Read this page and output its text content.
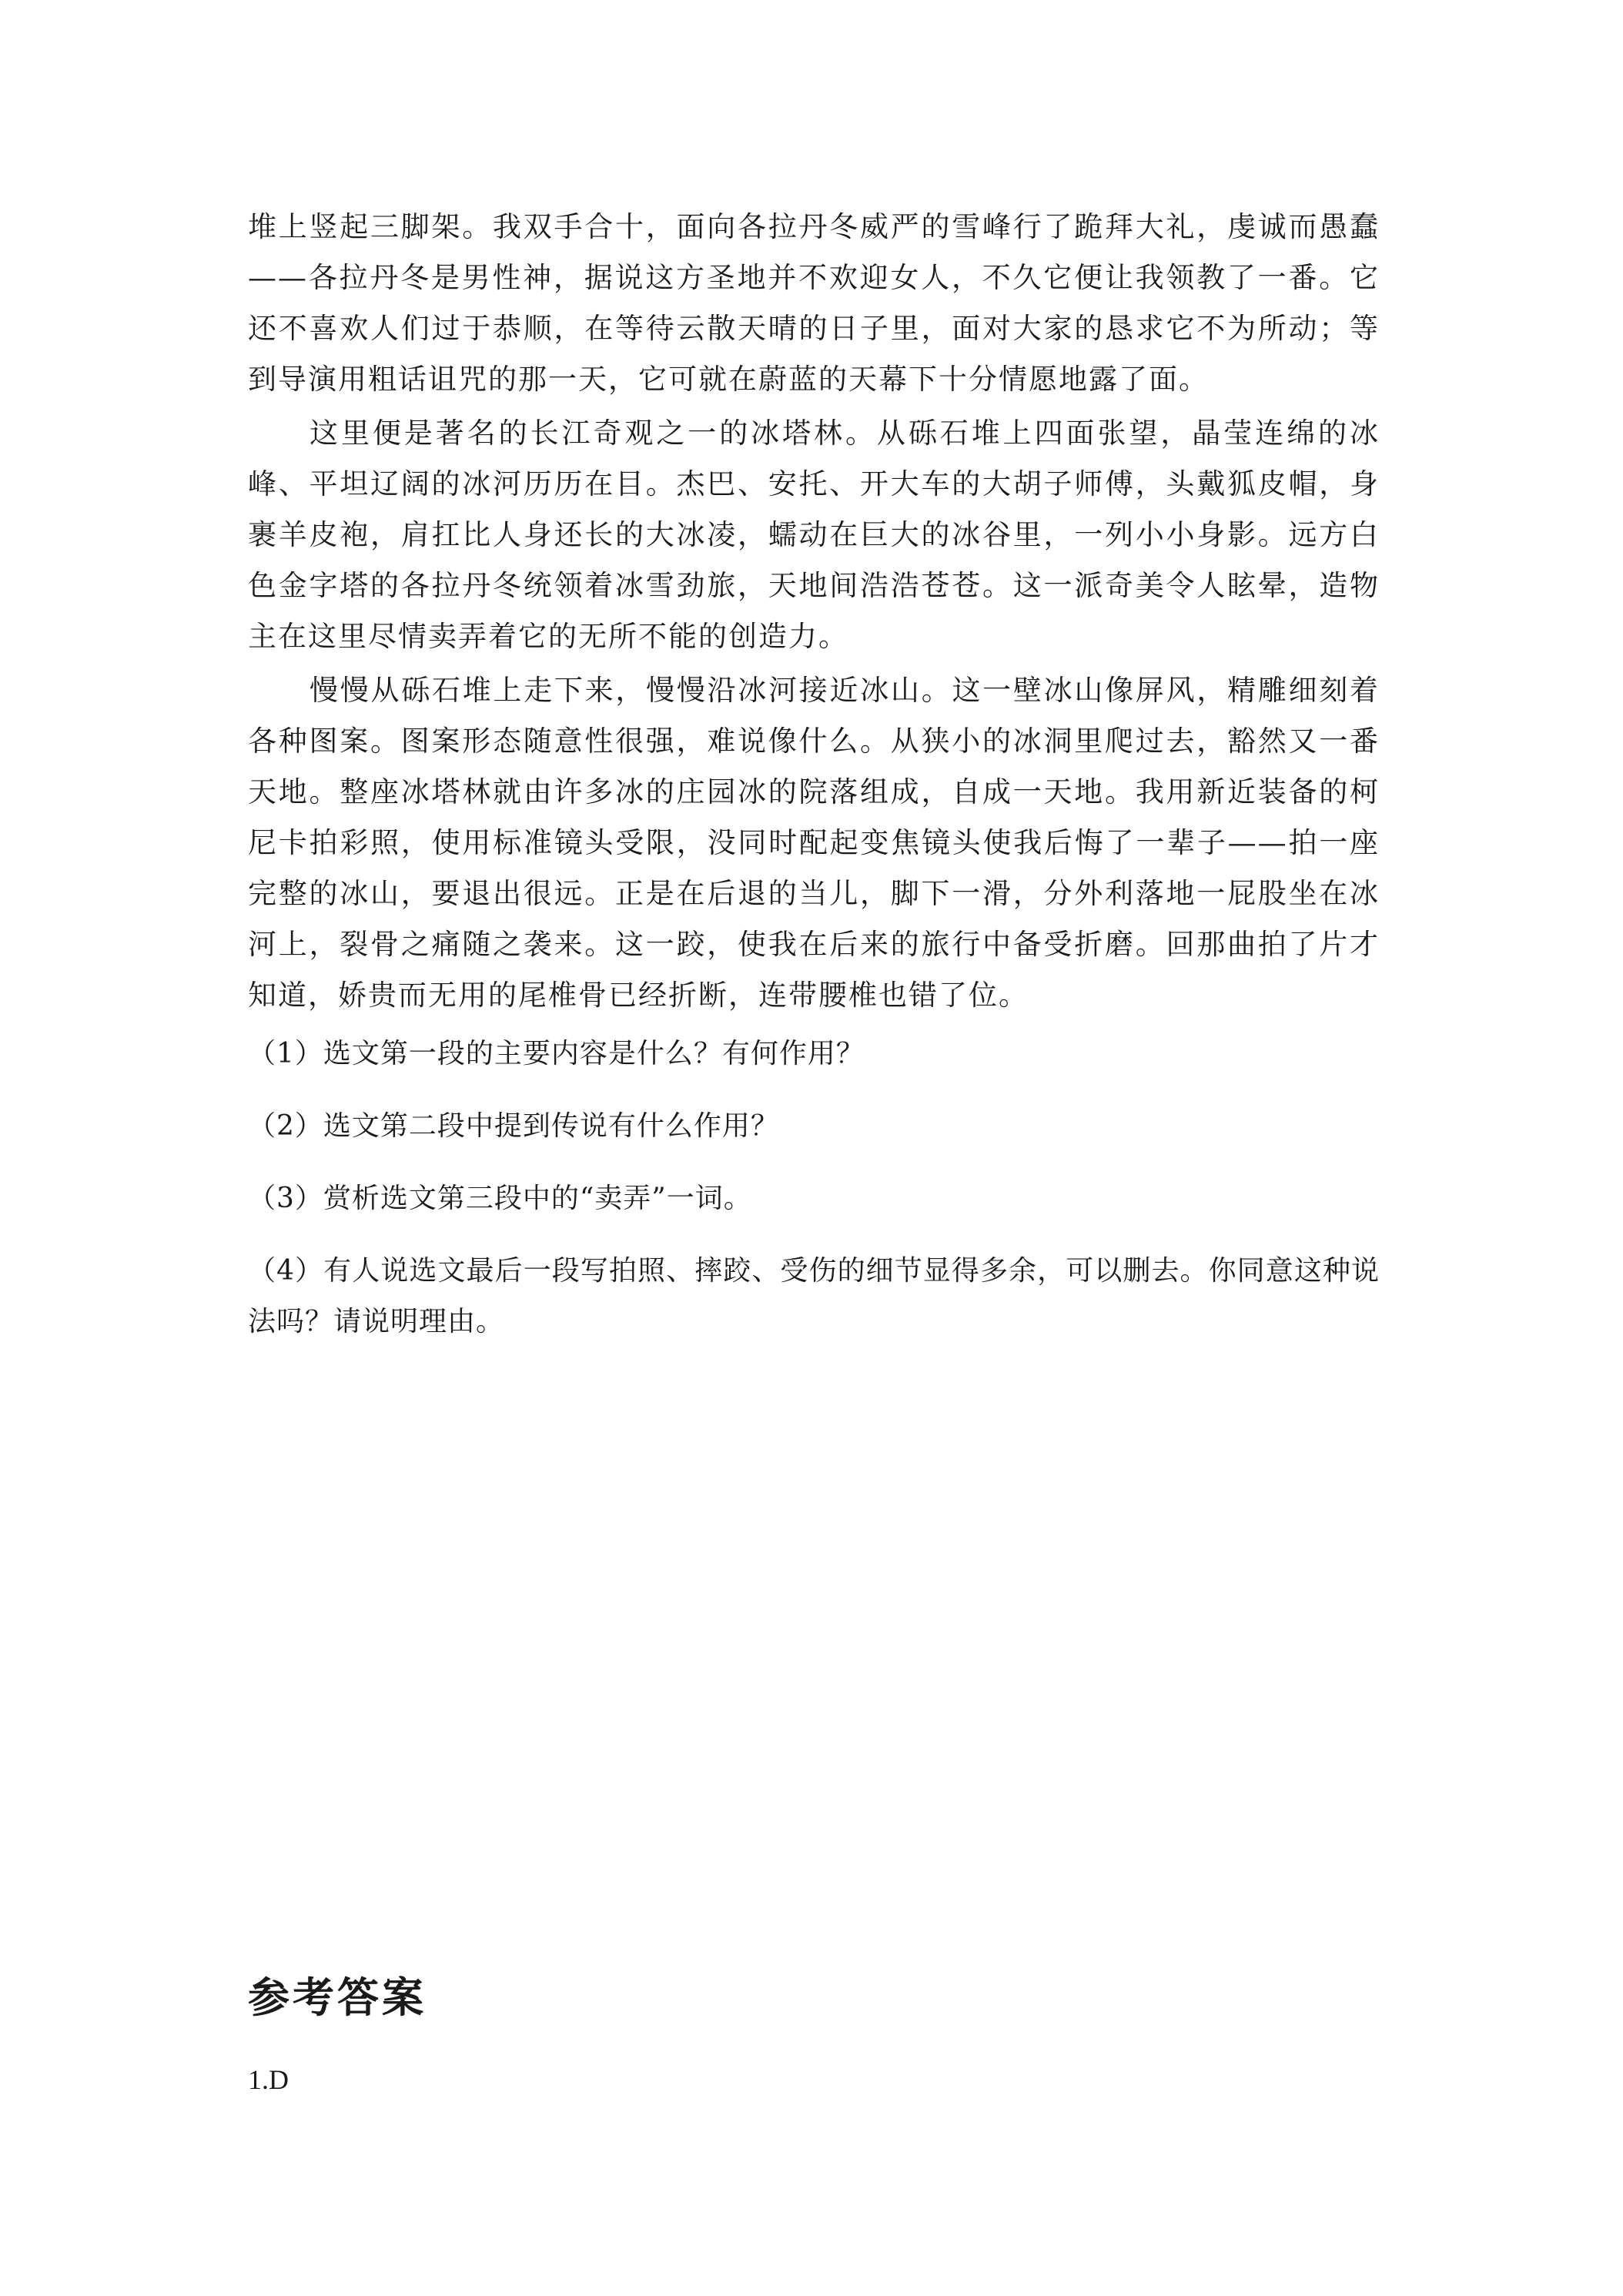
堆上竖起三脚架。我双手合十，面向各拉丹冬威严的雪峰行了跪拜大礼，虔诚而愚蠢——各拉丹冬是男性神，据说这方圣地并不欢迎女人，不久它便让我领教了一番。它还不喜欢人们过于恭顺，在等待云散天晴的日子里，面对大家的恳求它不为所动；等到导演用粗话诅咒的那一天，它可就在蔚蓝的天幕下十分情愿地露了面。

这里便是著名的长江奇观之一的冰塔林。从砾石堆上四面张望，晶莹连绵的冰峰、平坦辽阔的冰河历历在目。杰巴、安托、开大车的大胡子师傅，头戴狐皮帽，身裹羊皮袍，肩扛比人身还长的大冰凌，蠕动在巨大的冰谷里，一列小小身影。远方白色金字塔的各拉丹冬统领着冰雪劲旅，天地间浩浩苍苍。这一派奇美令人眩晕，造物主在这里尽情卖弄着它的无所不能的创造力。

慢慢从砾石堆上走下来，慢慢沿冰河接近冰山。这一壁冰山像屏风，精雕细刻着各种图案。图案形态随意性很强，难说像什么。从狭小的冰洞里爬过去，豁然又一番天地。整座冰塔林就由许多冰的庄园冰的院落组成，自成一天地。我用新近装备的柯尼卡拍彩照，使用标准镜头受限，没同时配起变焦镜头使我后悔了一辈子——拍一座完整的冰山，要退出很远。正是在后退的当儿，脚下一滑，分外利落地一屁股坐在冰河上，裂骨之痛随之袭来。这一跤，使我在后来的旅行中备受折磨。回那曲拍了片才知道，娇贵而无用的尾椎骨已经折断，连带腰椎也错了位。

（1）选文第一段的主要内容是什么？有何作用？

（2）选文第二段中提到传说有什么作用？

（3）赏析选文第三段中的“卖弄”一词。

（4）有人说选文最后一段写拍照、摔跤、受伤的细节显得多余，可以删去。你同意这种说法吗？请说明理由。

参考答案

1.D
